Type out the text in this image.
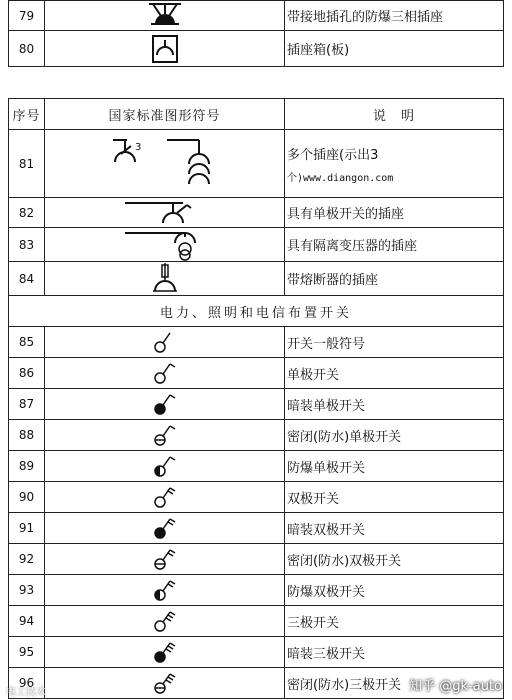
79		带接地插孔的防爆三相插座
80		插座箱(板)
序号	国家标准图形符号	说　明
81	3	多个插座(示出3
个)www.diangon.com

82		具有单极开关的插座
83		具有隔离变压器的插座
84		带熔断器的插座
电力、照明和电信布置开关		
85		开关一般符号
86		单极开关
87		暗装单极开关
88		密闭(防水)单极开关
89		防爆单极开关
90		双极开关
91		暗装双极开关
92		密闭(防水)双极开关
93		防爆双极开关
94		三极开关
95		暗装三极开关
96		密闭(防水)三极开关
电工技术	知乎 @gk-auto
